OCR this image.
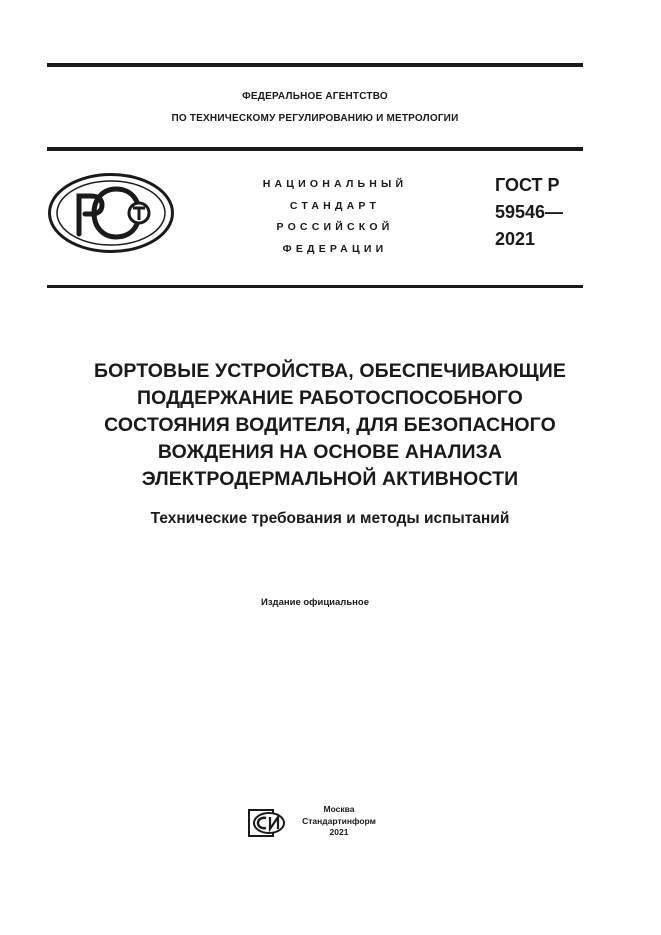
ФЕДЕРАЛЬНОЕ АГЕНТСТВО
ПО ТЕХНИЧЕСКОМУ РЕГУЛИРОВАНИЮ И МЕТРОЛОГИИ
НАЦИОНАЛЬНЫЙ
СТАНДАРТ
РОССИЙСКОЙ
ФЕДЕРАЦИИ
ГОСТ Р
59546—
2021
БОРТОВЫЕ УСТРОЙСТВА, ОБЕСПЕЧИВАЮЩИЕ
ПОДДЕРЖАНИЕ РАБОТОСПОСОБНОГО
СОСТОЯНИЯ ВОДИТЕЛЯ, ДЛЯ БЕЗОПАСНОГО
ВОЖДЕНИЯ НА ОСНОВЕ АНАЛИЗА
ЭЛЕКТРОДЕРМАЛЬНОЙ АКТИВНОСТИ
Технические требования и методы испытаний
Издание официальное
Москва
Стандартинформ
2021
